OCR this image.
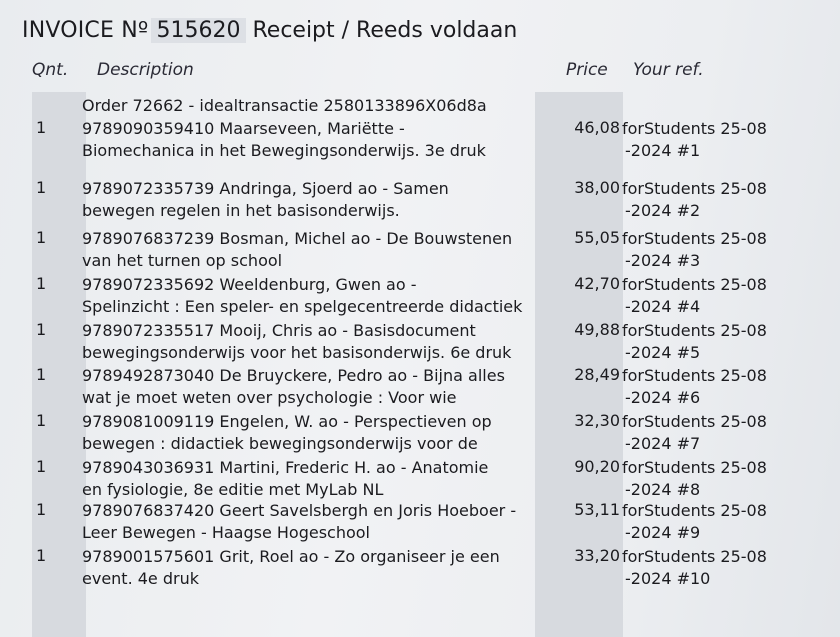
INVOICE Nº 515620 Receipt / Reeds voldaan
Qnt. Description	Price Your ref.
Order 72662 - idealtransactie 2580133896X06d8a
1 9789090359410 Maarseveen, Mariëtte -
Biomechanica in het Bewegingsonderwijs. 3e druk
46,08 forStudents 25-08
-2024 #1
1 9789072335739 Andringa, Sjoerd ao - Samen
bewegen regelen in het basisonderwijs.
38,00 forStudents 25-08
-2024 #2
1 9789076837239 Bosman, Michel ao - De Bouwstenen
van het turnen op school
55,05 forStudents 25-08
-2024 #3
1 9789072335692 Weeldenburg, Gwen ao -
Spelinzicht : Een speler- en spelgecentreerde didactiek
42,70 forStudents 25-08
-2024 #4
1 9789072335517 Mooij, Chris ao - Basisdocument
bewegingsonderwijs voor het basisonderwijs. 6e druk
49,88 forStudents 25-08
-2024 #5
1 9789492873040 De Bruyckere, Pedro ao - Bijna alles
wat je moet weten over psychologie : Voor wie
28,49 forStudents 25-08
-2024 #6
1 9789081009119 Engelen, W. ao - Perspectieven op
bewegen : didactiek bewegingsonderwijs voor de
32,30 forStudents 25-08
-2024 #7
1 9789043036931 Martini, Frederic H. ao - Anatomie
en fysiologie, 8e editie met MyLab NL
90,20 forStudents 25-08
-2024 #8
1 9789076837420 Geert Savelsbergh en Joris Hoeboer -
Leer Bewegen - Haagse Hogeschool
53,11 forStudents 25-08
-2024 #9
1 9789001575601 Grit, Roel ao - Zo organiseer je een
event. 4e druk
33,20 forStudents 25-08
-2024 #10
